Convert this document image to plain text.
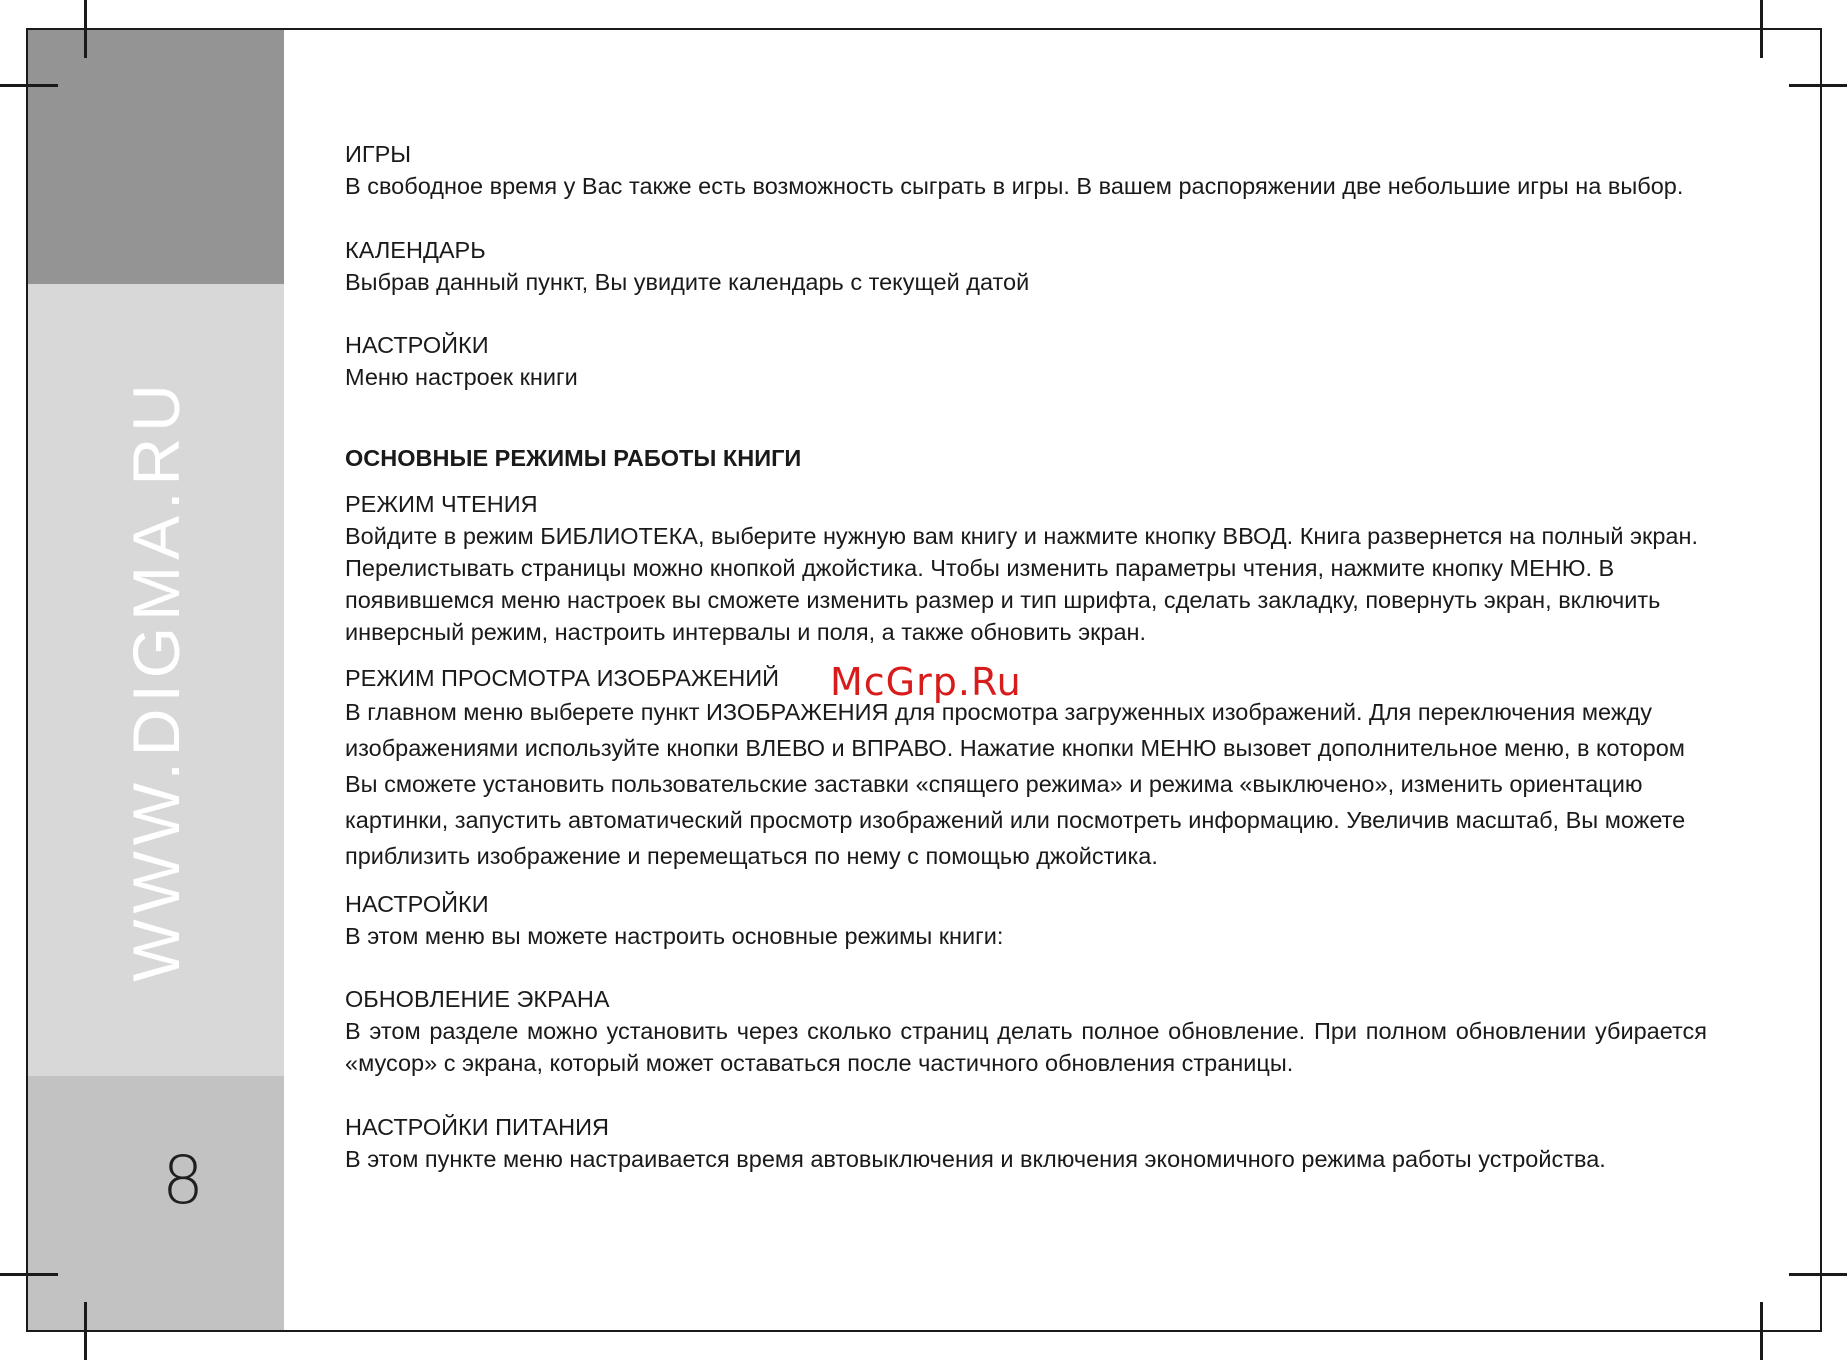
WWW.DIGMA.RU
8
ИГРЫ
В свободное время у Вас также есть возможность сыграть в игры. В вашем распоряжении две небольшие игры на выбор.
КАЛЕНДАРЬ
Выбрав данный пункт, Вы увидите календарь с текущей датой
НАСТРОЙКИ
Меню настроек книги
ОСНОВНЫЕ РЕЖИМЫ РАБОТЫ КНИГИ
РЕЖИМ ЧТЕНИЯ
Войдите в режим БИБЛИОТЕКА, выберите нужную вам книгу и нажмите кнопку ВВОД. Книга развернется на полный экран. Перелистывать страницы можно кнопкой джойстика. Чтобы изменить параметры чтения, нажмите кнопку МЕНЮ. В появившемся меню настроек вы сможете изменить размер и тип шрифта, сделать закладку, повернуть экран, включить инверсный режим, настроить интервалы и поля, а также обновить экран.
РЕЖИМ ПРОСМОТРА ИЗОБРАЖЕНИЙ
В главном меню выберете пункт ИЗОБРАЖЕНИЯ для просмотра загруженных изображений. Для переключения между изображениями используйте кнопки ВЛЕВО и ВПРАВО. Нажатие кнопки МЕНЮ вызовет дополнительное меню, в котором Вы сможете установить пользовательские заставки «спящего режима» и режима «выключено», изменить ориентацию картинки, запустить автоматический просмотр изображений или посмотреть информацию. Увеличив масштаб, Вы можете приблизить изображение и перемещаться по нему с помощью джойстика.
НАСТРОЙКИ
В этом меню вы можете настроить основные режимы книги:
ОБНОВЛЕНИЕ ЭКРАНА
В этом разделе можно установить через сколько страниц делать полное обновление. При полном обновлении убирается «мусор» с экрана, который может оставаться после частичного обновления страницы.
НАСТРОЙКИ ПИТАНИЯ
В этом пункте меню настраивается время автовыключения и включения экономичного режима работы устройства.
McGrp.Ru
